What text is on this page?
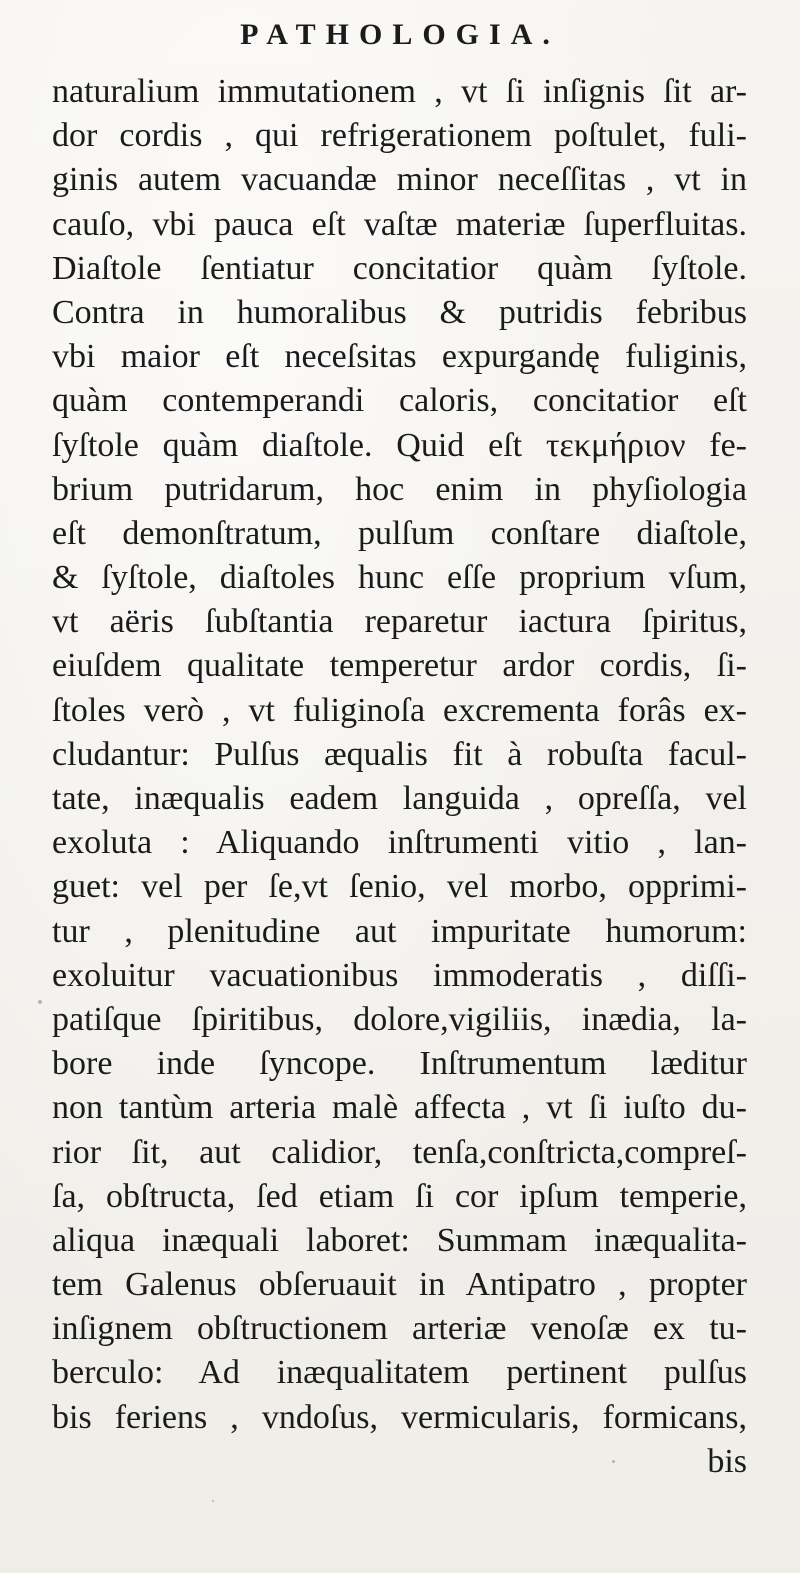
PATHOLOGIA.
naturalium immutationem , vt ſi inſignis ſit ar-
dor cordis , qui refrigerationem poſtulet, fuli-
ginis autem vacuandæ minor neceſſitas , vt in
cauſo, vbi pauca eſt vaſtæ materiæ ſuperfluitas.
Diaſtole ſentiatur concitatior quàm ſyſtole.
Contra in humoralibus & putridis febribus
vbi maior eſt neceſsitas expurgandę fuliginis,
quàm contemperandi caloris, concitatior eſt
ſyſtole quàm diaſtole. Quid eſt τεκμήριον fe-
brium putridarum, hoc enim in phyſiologia
eſt demonſtratum, pulſum conſtare diaſtole,
& ſyſtole, diaſtoles hunc eſſe proprium vſum,
vt aëris ſubſtantia reparetur iactura ſpiritus,
eiuſdem qualitate temperetur ardor cordis, ſi-
ſtoles verò , vt fuliginoſa excrementa forâs ex-
cludantur: Pulſus æqualis fit à robuſta facul-
tate, inæqualis eadem languida , opreſſa, vel
exoluta : Aliquando inſtrumenti vitio , lan-
guet: vel per ſe,vt ſenio, vel morbo, opprimi-
tur , plenitudine aut impuritate humorum:
exoluitur vacuationibus immoderatis , diſſi-
patiſque ſpiritibus, dolore,vigiliis, inædia, la-
bore inde ſyncope. Inſtrumentum læditur
non tantùm arteria malè affecta , vt ſi iuſto du-
rior ſit, aut calidior, tenſa,conſtricta,compreſ-
ſa, obſtructa, ſed etiam ſi cor ipſum temperie,
aliqua inæquali laboret: Summam inæqualita-
tem Galenus obſeruauit in Antipatro , propter
inſignem obſtructionem arteriæ venoſæ ex tu-
berculo: Ad inæqualitatem pertinent pulſus
bis feriens , vndoſus, vermicularis, formicans,
bis
